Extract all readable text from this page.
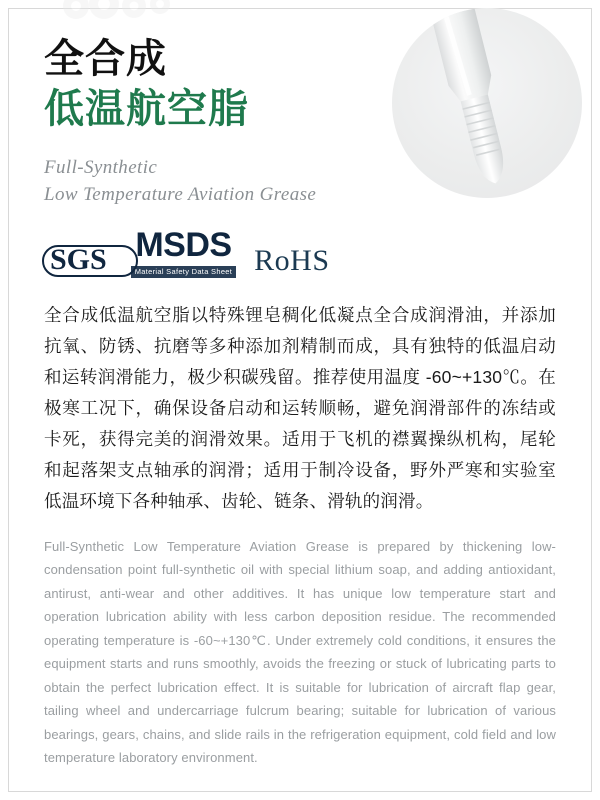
全合成
低温航空脂
Full-Synthetic
Low Temperature Aviation Grease
SGS MSDS
Material Safety Data Sheet RoHS

全合成低温航空脂以特殊锂皂稠化低凝点全合成润滑油，并添加抗氧、防锈、抗磨等多种添加剂精制而成，具有独特的低温启动和运转润滑能力，极少积碳残留。推荐使用温度 -60~+130℃。在极寒工况下，确保设备启动和运转顺畅，避免润滑部件的冻结或卡死，获得完美的润滑效果。适用于飞机的襟翼操纵机构，尾轮和起落架支点轴承的润滑；适用于制冷设备，野外严寒和实验室低温环境下各种轴承、齿轮、链条、滑轨的润滑。

Full-Synthetic Low Temperature Aviation Grease is prepared by thickening low-condensation point full-synthetic oil with special lithium soap, and adding antioxidant, antirust, anti-wear and other additives. It has unique low temperature start and operation lubrication ability with less carbon deposition residue. The recommended operating temperature is -60~+130℃. Under extremely cold conditions, it ensures the equipment starts and runs smoothly, avoids the freezing or stuck of lubricating parts to obtain the perfect lubrication effect. It is suitable for lubrication of aircraft flap gear, tailing wheel and undercarriage fulcrum bearing; suitable for lubrication of various bearings, gears, chains, and slide rails in the refrigeration equipment, cold field and low temperature laboratory environment.
